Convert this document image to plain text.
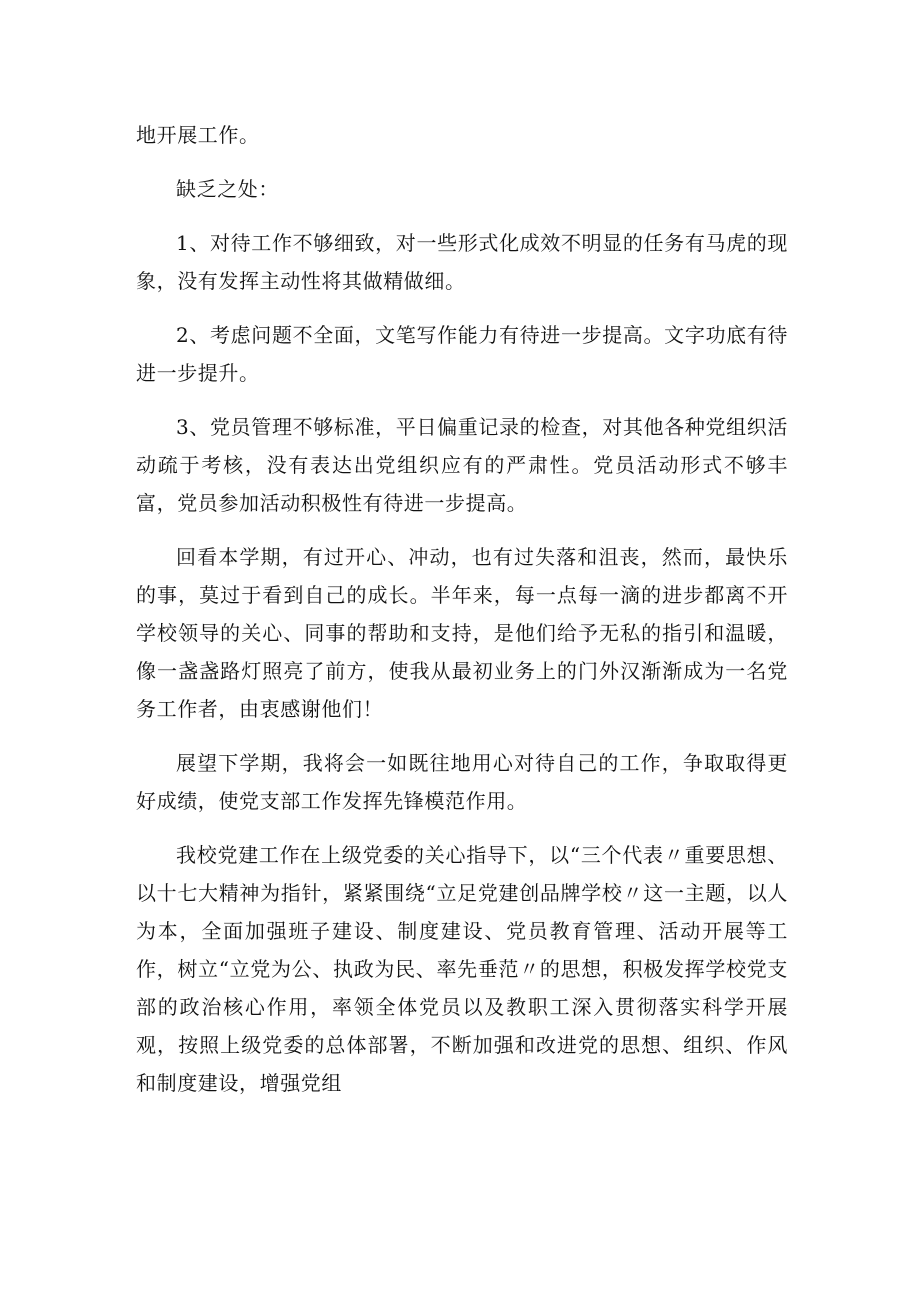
地开展工作。

缺乏之处：

1、对待工作不够细致，对一些形式化成效不明显的任务有马虎的现象，没有发挥主动性将其做精做细。

2、考虑问题不全面，文笔写作能力有待进一步提高。文字功底有待进一步提升。

3、党员管理不够标准，平日偏重记录的检查，对其他各种党组织活动疏于考核，没有表达出党组织应有的严肃性。党员活动形式不够丰富，党员参加活动积极性有待进一步提高。

回看本学期，有过开心、冲动，也有过失落和沮丧，然而，最快乐的事，莫过于看到自己的成长。半年来，每一点每一滴的进步都离不开学校领导的关心、同事的帮助和支持，是他们给予无私的指引和温暖，像一盏盏路灯照亮了前方，使我从最初业务上的门外汉渐渐成为一名党务工作者，由衷感谢他们！

展望下学期，我将会一如既往地用心对待自己的工作，争取取得更好成绩，使党支部工作发挥先锋模范作用。

我校党建工作在上级党委的关心指导下，以“三个代表〃重要思想、以十七大精神为指针，紧紧围绕“立足党建创品牌学校〃这一主题，以人为本，全面加强班子建设、制度建设、党员教育管理、活动开展等工作，树立“立党为公、执政为民、率先垂范〃的思想，积极发挥学校党支部的政治核心作用，率领全体党员以及教职工深入贯彻落实科学开展观，按照上级党委的总体部署，不断加强和改进党的思想、组织、作风和制度建设，增强党组
